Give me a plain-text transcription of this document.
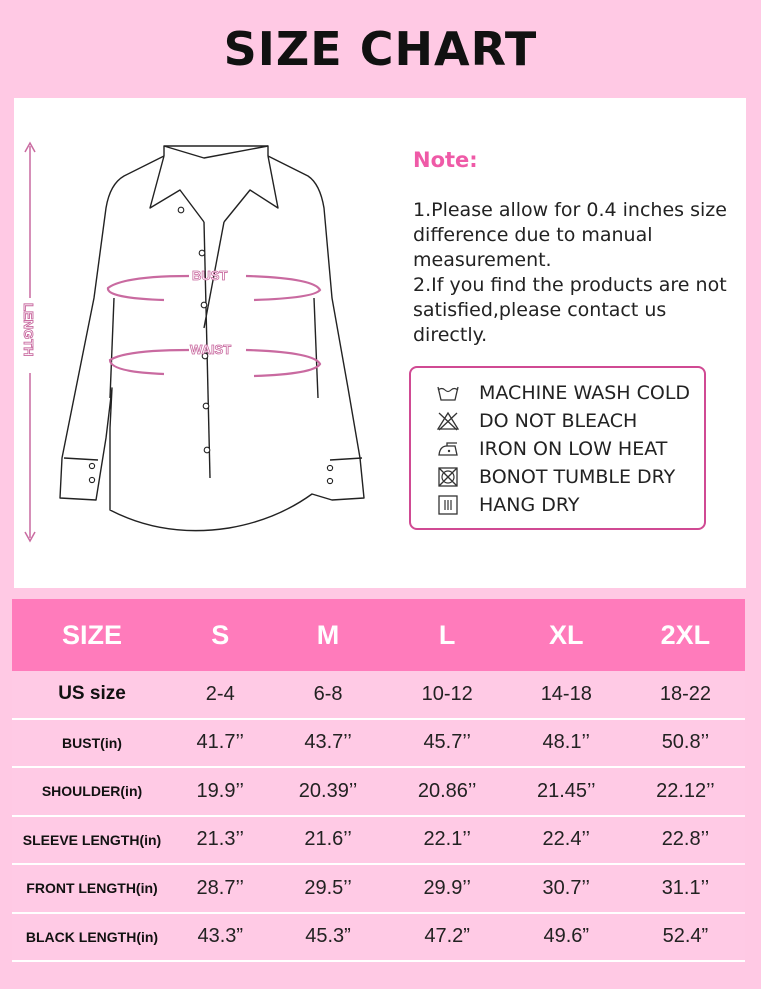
SIZE CHART
LENGTH
BUST
WAIST
Note:
1.Please allow for 0.4 inches size difference due to manual measurement.
2.If you find the products are not satisfied,please contact us directly.
MACHINE WASH COLD
DO NOT BLEACH
IRON ON LOW HEAT
BONOT TUMBLE DRY
HANG DRY
SIZE	S	M	L	XL	2XL
US size	2-4	6-8	10-12	14-18	18-22
BUST(in)	41.7’’	43.7’’	45.7’’	48.1’’	50.8’’
SHOULDER(in)	19.9’’	20.39’’	20.86’’	21.45’’	22.12’’
SLEEVE LENGTH(in)	21.3’’	21.6’’	22.1’’	22.4’’	22.8’’
FRONT LENGTH(in)	28.7’’	29.5’’	29.9’’	30.7’’	31.1’’
BLACK LENGTH(in)	43.3”	45.3”	47.2”	49.6”	52.4”
